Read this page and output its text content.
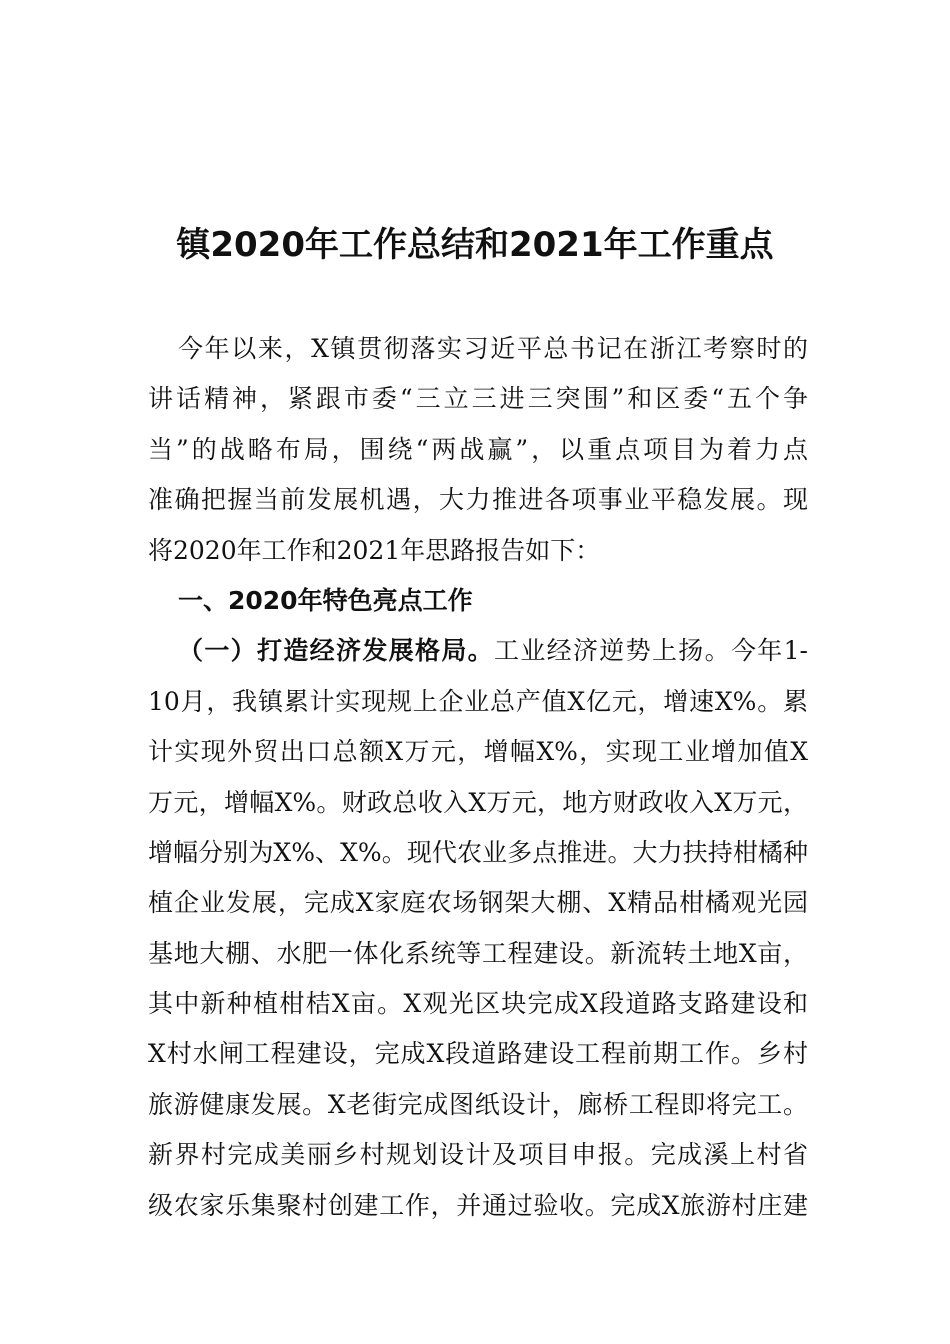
镇2020年工作总结和2021年工作重点
今年以来，X镇贯彻落实习近平总书记在浙江考察时的
讲话精神，紧跟市委“三立三进三突围”和区委“五个争
当”的战略布局，围绕“两战赢”，以重点项目为着力点
准确把握当前发展机遇，大力推进各项事业平稳发展。现
将2020年工作和2021年思路报告如下：
一、2020年特色亮点工作
（一）打造经济发展格局。工业经济逆势上扬。今年1-
10月，我镇累计实现规上企业总产值X亿元，增速X%。累
计实现外贸出口总额X万元，增幅X%，实现工业增加值X
万元，增幅X%。财政总收入X万元，地方财政收入X万元，
增幅分别为X%、X%。现代农业多点推进。大力扶持柑橘种
植企业发展，完成X家庭农场钢架大棚、X精品柑橘观光园
基地大棚、水肥一体化系统等工程建设。新流转土地X亩，
其中新种植柑桔X亩。X观光区块完成X段道路支路建设和
X村水闸工程建设，完成X段道路建设工程前期工作。乡村
旅游健康发展。X老街完成图纸设计，廊桥工程即将完工。
新界村完成美丽乡村规划设计及项目申报。完成溪上村省
级农家乐集聚村创建工作，并通过验收。完成X旅游村庄建
